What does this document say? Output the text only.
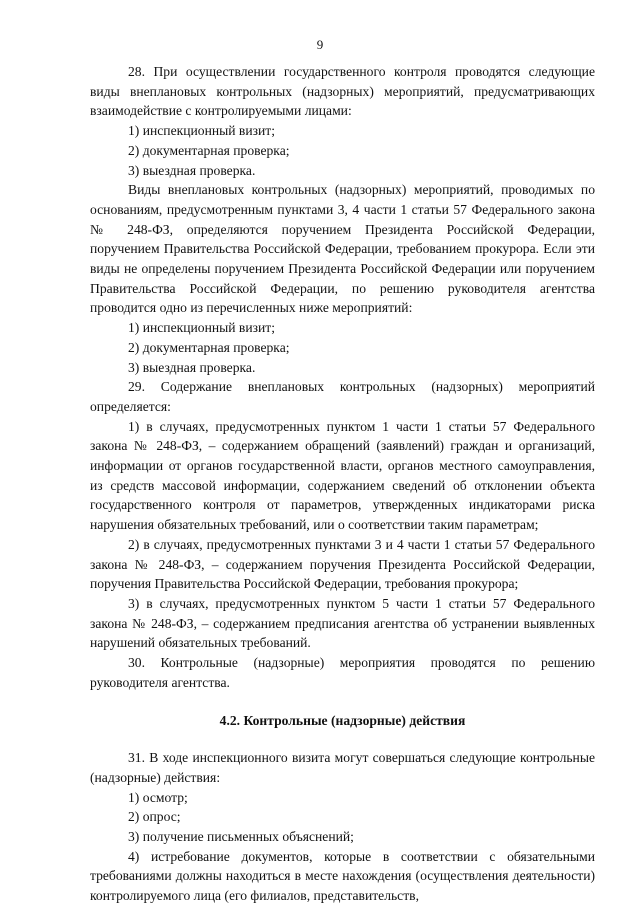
9

28. При осуществлении государственного контроля проводятся следующие виды внеплановых контрольных (надзорных) мероприятий, предусматривающих взаимодействие с контролируемыми лицами:

1) инспекционный визит;

2) документарная проверка;

3) выездная проверка.

Виды внеплановых контрольных (надзорных) мероприятий, проводимых по основаниям, предусмотренным пунктами 3, 4 части 1 статьи 57 Федерального закона № 248-ФЗ, определяются поручением Президента Российской Федерации, поручением Правительства Российской Федерации, требованием прокурора. Если эти виды не определены поручением Президента Российской Федерации или поручением Правительства Российской Федерации, по решению руководителя агентства проводится одно из перечисленных ниже мероприятий:

1) инспекционный визит;

2) документарная проверка;

3) выездная проверка.

29. Содержание внеплановых контрольных (надзорных) мероприятий определяется:

1) в случаях, предусмотренных пунктом 1 части 1 статьи 57 Федерального закона № 248-ФЗ, – содержанием обращений (заявлений) граждан и организаций, информации от органов государственной власти, органов местного самоуправления, из средств массовой информации, содержанием сведений об отклонении объекта государственного контроля от параметров, утвержденных индикаторами риска нарушения обязательных требований, или о соответствии таким параметрам;

2) в случаях, предусмотренных пунктами 3 и 4 части 1 статьи 57 Федерального закона № 248-ФЗ, – содержанием поручения Президента Российской Федерации, поручения Правительства Российской Федерации, требования прокурора;

3) в случаях, предусмотренных пунктом 5 части 1 статьи 57 Федерального закона № 248-ФЗ, – содержанием предписания агентства об устранении выявленных нарушений обязательных требований.

30. Контрольные (надзорные) мероприятия проводятся по решению руководителя агентства.

4.2. Контрольные (надзорные) действия

31. В ходе инспекционного визита могут совершаться следующие контрольные (надзорные) действия:

1) осмотр;

2) опрос;

3) получение письменных объяснений;

4) истребование документов, которые в соответствии с обязательными требованиями должны находиться в месте нахождения (осуществления деятельности) контролируемого лица (его филиалов, представительств,
